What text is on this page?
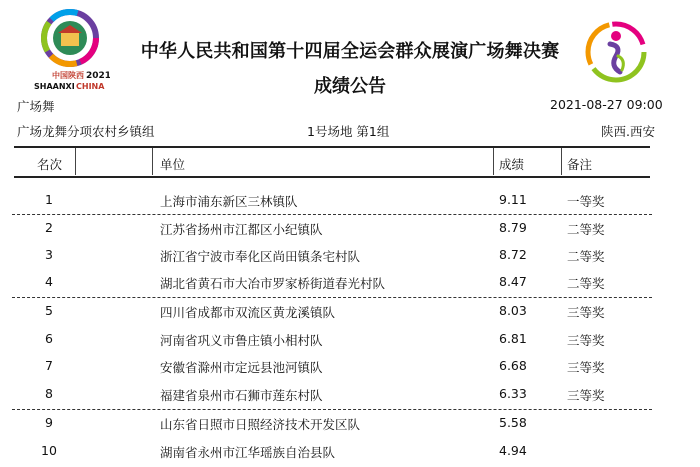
中国陕西 2021
SHAANXI CHINA
中华人民共和国第十四届全运会群众展演广场舞决赛
成绩公告
广场舞	2021-08-27 09:00
广场龙舞分项农村乡镇组	1号场地 第1组	陕西.西安
名次	单位	成绩	备注
1	上海市浦东新区三林镇队	9.11	一等奖
2	江苏省扬州市江都区小纪镇队	8.79	二等奖
3	浙江省宁波市奉化区尚田镇条宅村队	8.72	二等奖
4	湖北省黄石市大冶市罗家桥街道春光村队	8.47	二等奖
5	四川省成都市双流区黄龙溪镇队	8.03	三等奖
6	河南省巩义市鲁庄镇小相村队	6.81	三等奖
7	安徽省滁州市定远县池河镇队	6.68	三等奖
8	福建省泉州市石狮市莲东村队	6.33	三等奖
9	山东省日照市日照经济技术开发区队	5.58
10	湖南省永州市江华瑶族自治县队	4.94
